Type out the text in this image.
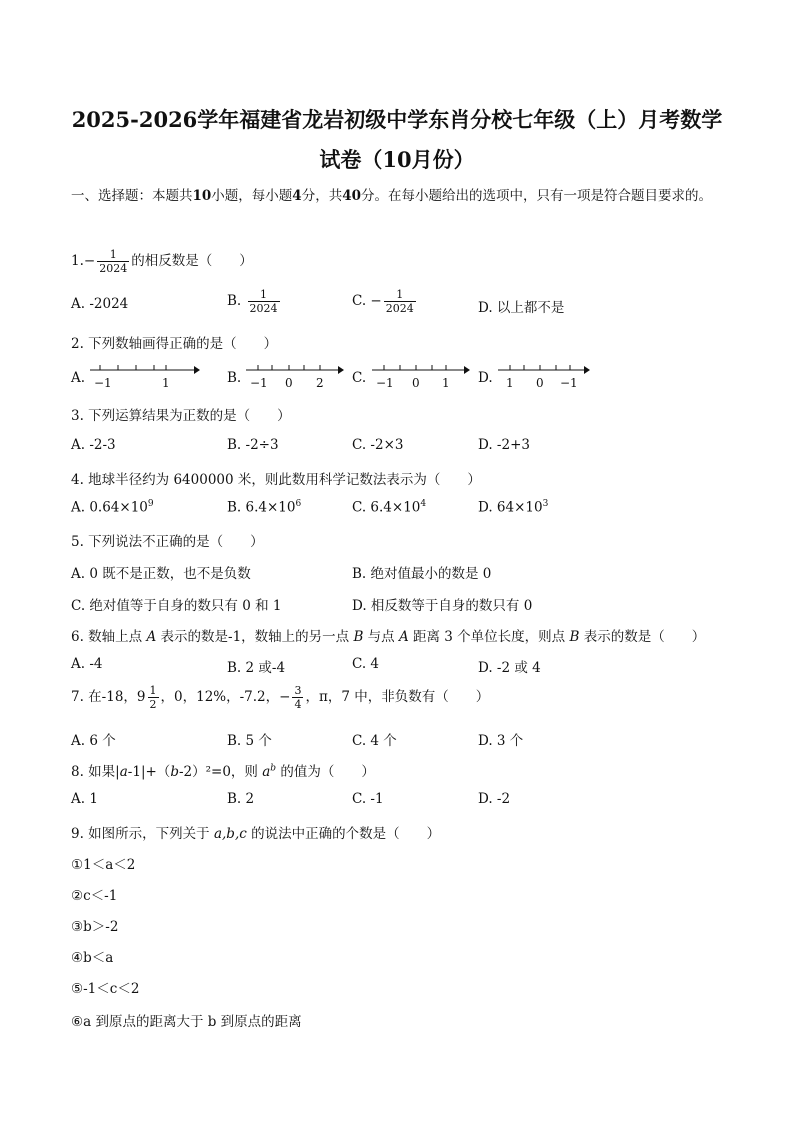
2025-2026学年福建省龙岩初级中学东肖分校七年级（上）月考数学
试卷（10月份）
一、选择题：本题共10小题，每小题4分，共40分。在每小题给出的选项中，只有一项是符合题目要求的。
$1.- \frac{1}{2024}$ 的相反数是（　　）
A. -2024	B. $\frac{1}{2024}$	C. − $\frac{1}{2024}$	D. 以上都不是
2. 下列数轴画得正确的是（　　）
A. −1	1	B. −1 0 2 C. −1 0 1 D. 1 0 −1
3. 下列运算结果为正数的是（　　）
A. -2-3	B. -2÷3	C. -2×3	D. -2+3
4. 地球半径约为 6400000 米，则此数用科学记数法表示为（　　）
A. $0.64\times 10^9$	B. $6.4\times 10^6$	C. $6.4\times 10^4$	D. $64\times 10^3$
5. 下列说法不正确的是（　　）
A. 0 既不是正数，也不是负数	B. 绝对值最小的数是 0
C. 绝对值等于自身的数只有 0 和 1	D. 相反数等于自身的数只有 0
6. 数轴上点 A 表示的数是-1，数轴上的另一点 B 与点 A 距离 3 个单位长度，则点 B 表示的数是（　　）
A. -4	B. 2 或-4	C. 4	D. -2 或 4
7. 在-18，$9 \frac{1}{2}$ ，0，12%，-7.2，− $\frac{3}{4}$ ，π，7 中，非负数有（　　）
A. 6 个	B. 5 个	C. 4 个	D. 3 个
8. 如果|a-1|+（b-2）²=0，则 $a^b$ 的值为（　　）
A. 1	B. 2	C. -1	D. -2
9. 如图所示，下列关于 a,b,c 的说法中正确的个数是（　　）
①1＜a＜2
②c＜-1
③b＞-2
④b＜a
⑤-1＜c＜2
⑥a 到原点的距离大于 b 到原点的距离
